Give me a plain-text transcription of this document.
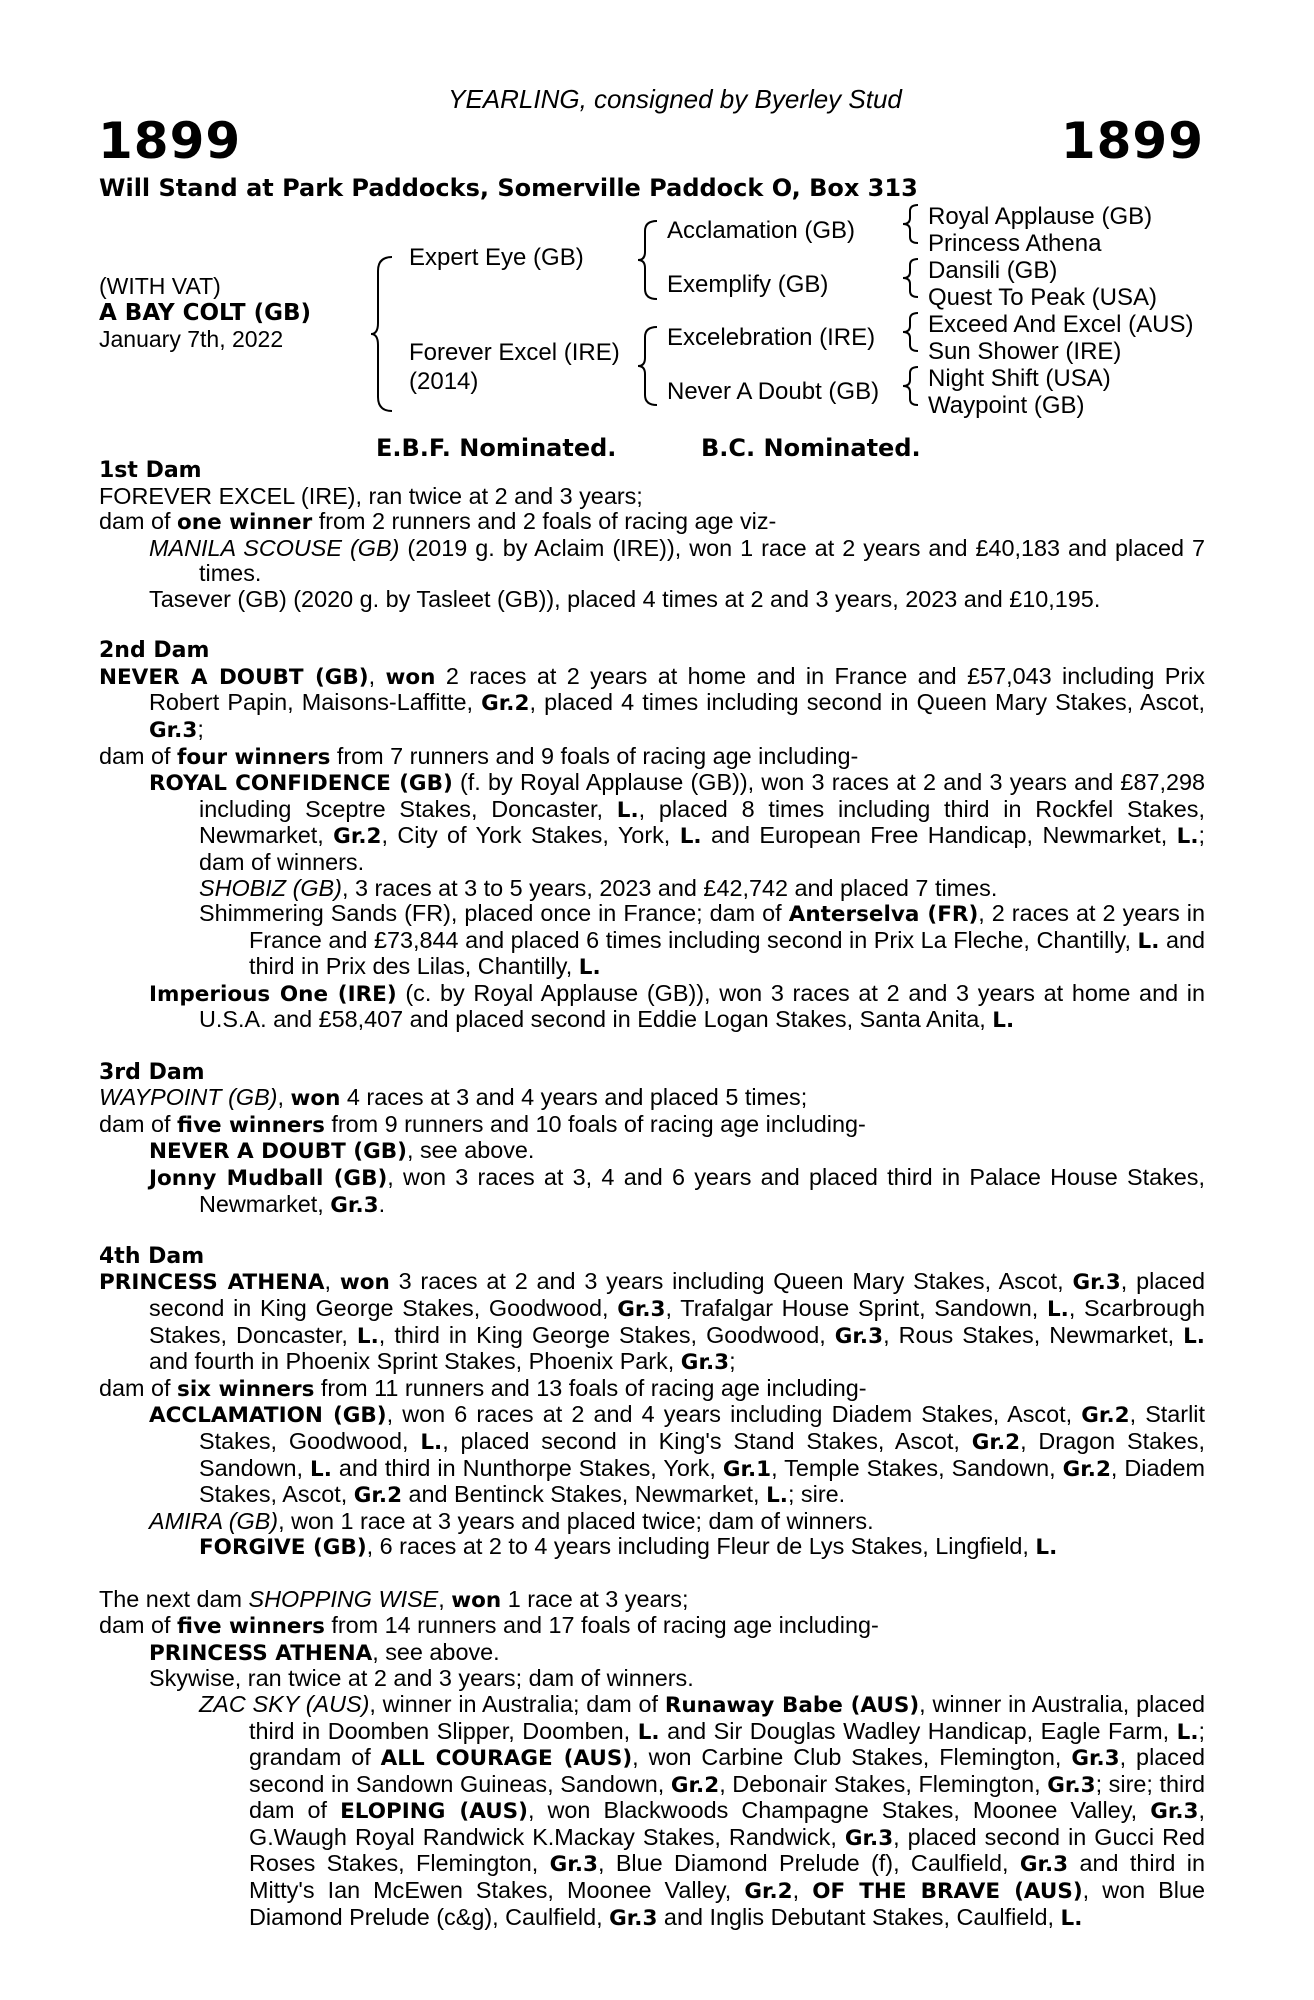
YEARLING, consigned by Byerley Stud
1899	1899
Will Stand at Park Paddocks, Somerville Paddock O, Box 313
(WITH VAT)
A BAY COLT (GB)
January 7th, 2022
Expert Eye (GB)
Forever Excel (IRE)
(2014)
Acclamation (GB)
Exemplify (GB)
Excelebration (IRE)
Never A Doubt (GB)
Royal Applause (GB)
Princess Athena
Dansili (GB)
Quest To Peak (USA)
Exceed And Excel (AUS)
Sun Shower (IRE)
Night Shift (USA)
Waypoint (GB)
E.B.F. Nominated.	B.C. Nominated.

1st Dam

FOREVER EXCEL (IRE), ran twice at 2 and 3 years;

dam of one winner from 2 runners and 2 foals of racing age viz-

MANILA SCOUSE (GB) (2019 g. by Aclaim (IRE)), won 1 race at 2 years and £40,183 and placed 7 times.

Tasever (GB) (2020 g. by Tasleet (GB)), placed 4 times at 2 and 3 years, 2023 and £10,195.

2nd Dam

NEVER A DOUBT (GB), won 2 races at 2 years at home and in France and £57,043 including Prix Robert Papin, Maisons-Laffitte, Gr.2, placed 4 times including second in Queen Mary Stakes, Ascot, Gr.3;

dam of four winners from 7 runners and 9 foals of racing age including-

ROYAL CONFIDENCE (GB) (f. by Royal Applause (GB)), won 3 races at 2 and 3 years and £87,298 including Sceptre Stakes, Doncaster, L., placed 8 times including third in Rockfel Stakes, Newmarket, Gr.2, City of York Stakes, York, L. and European Free Handicap, Newmarket, L.; dam of winners.

SHOBIZ (GB), 3 races at 3 to 5 years, 2023 and £42,742 and placed 7 times.

Shimmering Sands (FR), placed once in France; dam of Anterselva (FR), 2 races at 2 years in France and £73,844 and placed 6 times including second in Prix La Fleche, Chantilly, L. and third in Prix des Lilas, Chantilly, L.

Imperious One (IRE) (c. by Royal Applause (GB)), won 3 races at 2 and 3 years at home and in U.S.A. and £58,407 and placed second in Eddie Logan Stakes, Santa Anita, L.

3rd Dam

WAYPOINT (GB), won 4 races at 3 and 4 years and placed 5 times;

dam of five winners from 9 runners and 10 foals of racing age including-

NEVER A DOUBT (GB), see above.

Jonny Mudball (GB), won 3 races at 3, 4 and 6 years and placed third in Palace House Stakes, Newmarket, Gr.3.

4th Dam

PRINCESS ATHENA, won 3 races at 2 and 3 years including Queen Mary Stakes, Ascot, Gr.3, placed second in King George Stakes, Goodwood, Gr.3, Trafalgar House Sprint, Sandown, L., Scarbrough Stakes, Doncaster, L., third in King George Stakes, Goodwood, Gr.3, Rous Stakes, Newmarket, L. and fourth in Phoenix Sprint Stakes, Phoenix Park, Gr.3;

dam of six winners from 11 runners and 13 foals of racing age including-

ACCLAMATION (GB), won 6 races at 2 and 4 years including Diadem Stakes, Ascot, Gr.2, Starlit Stakes, Goodwood, L., placed second in King's Stand Stakes, Ascot, Gr.2, Dragon Stakes, Sandown, L. and third in Nunthorpe Stakes, York, Gr.1, Temple Stakes, Sandown, Gr.2, Diadem Stakes, Ascot, Gr.2 and Bentinck Stakes, Newmarket, L.; sire.

AMIRA (GB), won 1 race at 3 years and placed twice; dam of winners.

FORGIVE (GB), 6 races at 2 to 4 years including Fleur de Lys Stakes, Lingfield, L.

The next dam SHOPPING WISE, won 1 race at 3 years;

dam of five winners from 14 runners and 17 foals of racing age including-

PRINCESS ATHENA, see above.

Skywise, ran twice at 2 and 3 years; dam of winners.

ZAC SKY (AUS), winner in Australia; dam of Runaway Babe (AUS), winner in Australia, placed third in Doomben Slipper, Doomben, L. and Sir Douglas Wadley Handicap, Eagle Farm, L.; grandam of ALL COURAGE (AUS), won Carbine Club Stakes, Flemington, Gr.3, placed second in Sandown Guineas, Sandown, Gr.2, Debonair Stakes, Flemington, Gr.3; sire; third dam of ELOPING (AUS), won Blackwoods Champagne Stakes, Moonee Valley, Gr.3, G.Waugh Royal Randwick K.Mackay Stakes, Randwick, Gr.3, placed second in Gucci Red Roses Stakes, Flemington, Gr.3, Blue Diamond Prelude (f), Caulfield, Gr.3 and third in Mitty's Ian McEwen Stakes, Moonee Valley, Gr.2, OF THE BRAVE (AUS), won Blue Diamond Prelude (c&g), Caulfield, Gr.3 and Inglis Debutant Stakes, Caulfield, L.
